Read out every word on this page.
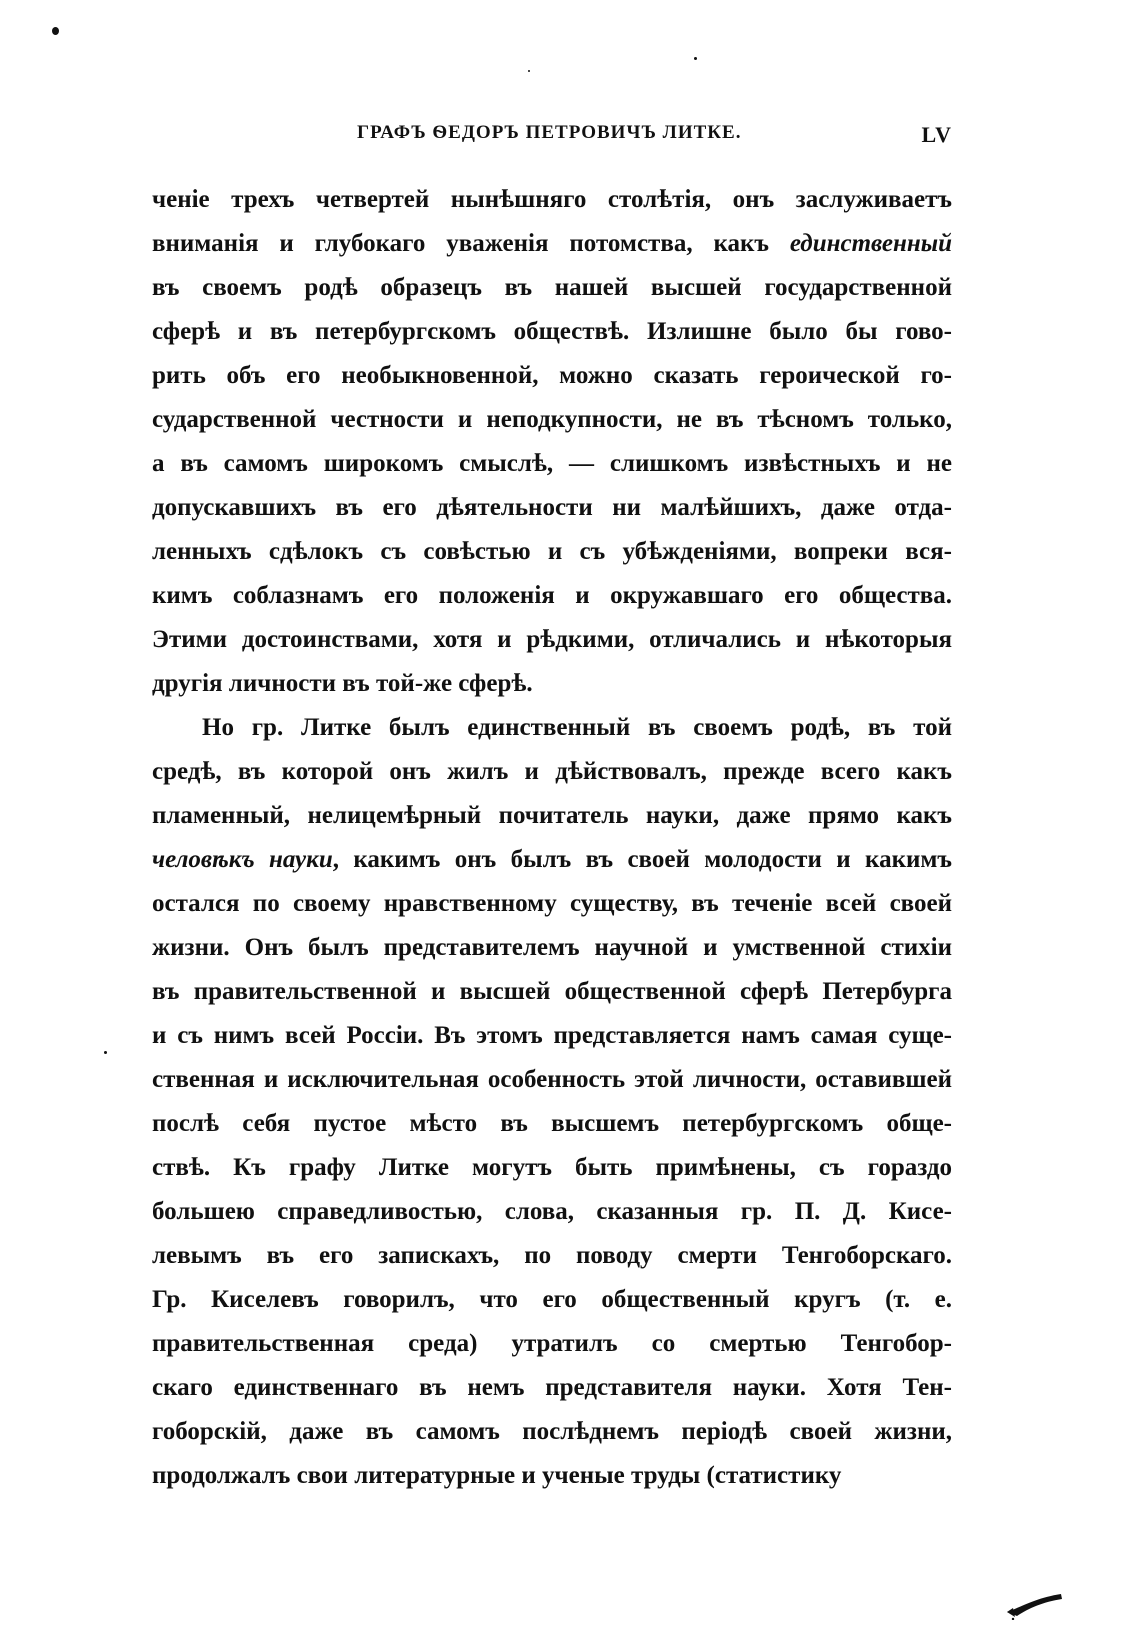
ГРАФЪ ѲЕДОРЪ ПЕТРОВИЧЪ ЛИТКЕ.	LV
ченіе трехъ четвертей нынѣшняго столѣтія, онъ заслуживаетъ
вниманія и глубокаго уваженія потомства, какъ единственный
въ своемъ родѣ образецъ въ нашей высшей государственной
сферѣ и въ петербургскомъ обществѣ. Излишне было бы гово-
рить объ его необыкновенной, можно сказать героической го-
сударственной честности и неподкупности, не въ тѣсномъ только,
а въ самомъ широкомъ смыслѣ, — слишкомъ извѣстныхъ и не
допускавшихъ въ его дѣятельности ни малѣйшихъ, даже отда-
ленныхъ сдѣлокъ съ совѣстью и съ убѣжденіями, вопреки вся-
кимъ соблазнамъ его положенія и окружавшаго его общества.
Этими достоинствами, хотя и рѣдкими, отличались и нѣкоторыя
другія личности въ той-же сферѣ.
Но гр. Литке былъ единственный въ своемъ родѣ, въ той
средѣ, въ которой онъ жилъ и дѣйствовалъ, прежде всего какъ
пламенный, нелицемѣрный почитатель науки, даже прямо какъ
человѣкъ науки, какимъ онъ былъ въ своей молодости и какимъ
остался по своему нравственному существу, въ теченіе всей своей
жизни. Онъ былъ представителемъ научной и умственной стихіи
въ правительственной и высшей общественной сферѣ Петербурга
и съ нимъ всей Россіи. Въ этомъ представляется намъ самая суще-
ственная и исключительная особенность этой личности, оставившей
послѣ себя пустое мѣсто въ высшемъ петербургскомъ обще-
ствѣ. Къ графу Литке могутъ быть примѣнены, съ гораздо
большею справедливостью, слова, сказанныя гр. П. Д. Кисе-
левымъ въ его запискахъ, по поводу смерти Тенгоборскаго.
Гр. Киселевъ говорилъ, что его общественный кругъ (т. е.
правительственная среда) утратилъ со смертью Тенгобор-
скаго единственнаго въ немъ представителя науки. Хотя Тен-
гоборскій, даже въ самомъ послѣднемъ періодѣ своей жизни,
продолжалъ свои литературные и ученые труды (статистику
